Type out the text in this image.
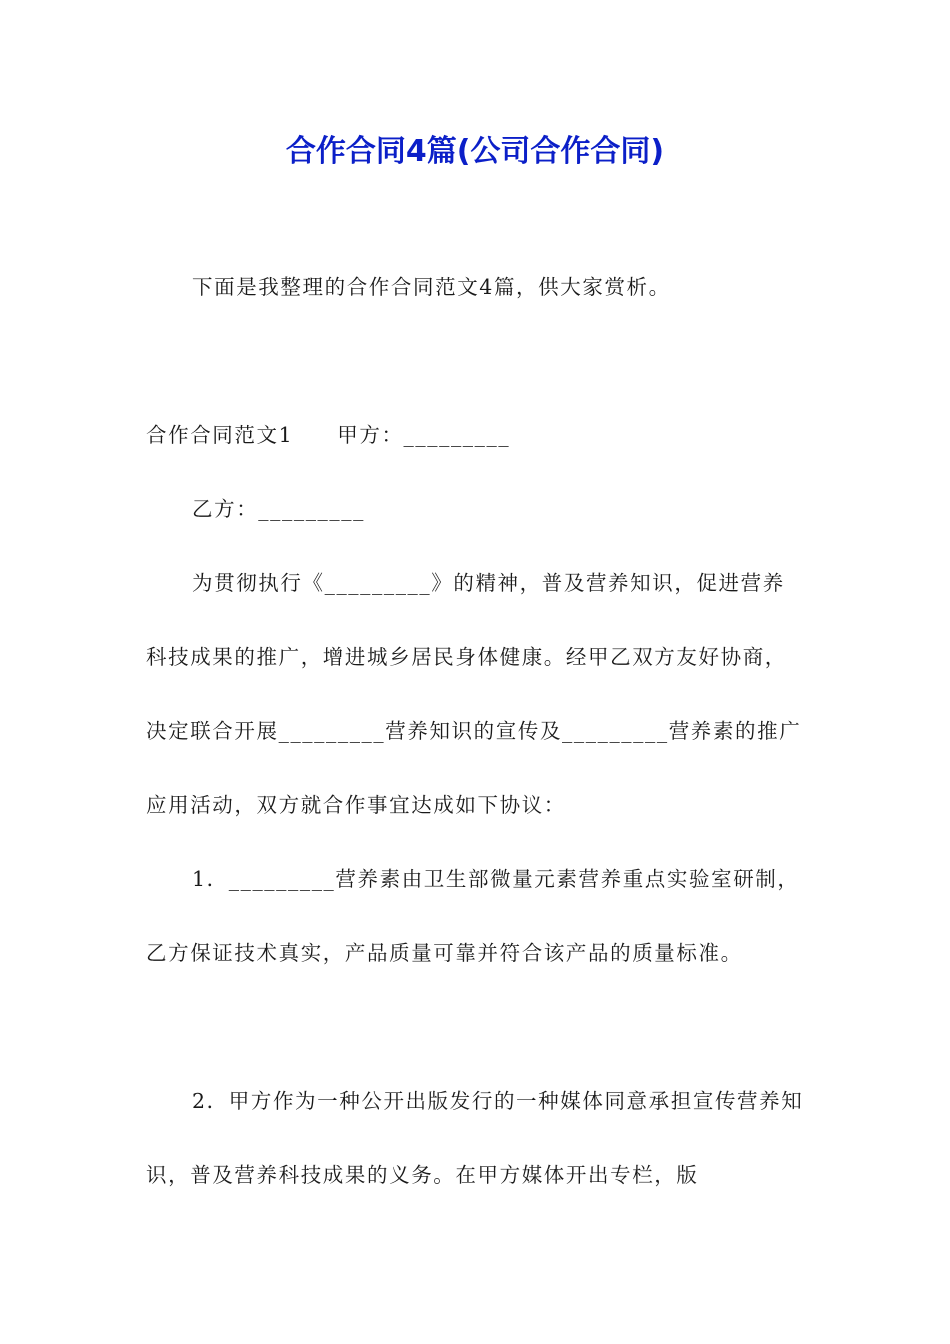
合作合同4篇(公司合作合同)

下面是我整理的合作合同范文4篇，供大家赏析。

合作合同范文1 甲方：_________

乙方：_________

为贯彻执行《_________》的精神，普及营养知识，促进营养科技成果的推广，增进城乡居民身体健康。经甲乙双方友好协商，决定联合开展_________营养知识的宣传及_________营养素的推广应用活动，双方就合作事宜达成如下协议：

1．_________营养素由卫生部微量元素营养重点实验室研制，乙方保证技术真实，产品质量可靠并符合该产品的质量标准。

2．甲方作为一种公开出版发行的一种媒体同意承担宣传营养知识，普及营养科技成果的义务。在甲方媒体开出专栏，版
